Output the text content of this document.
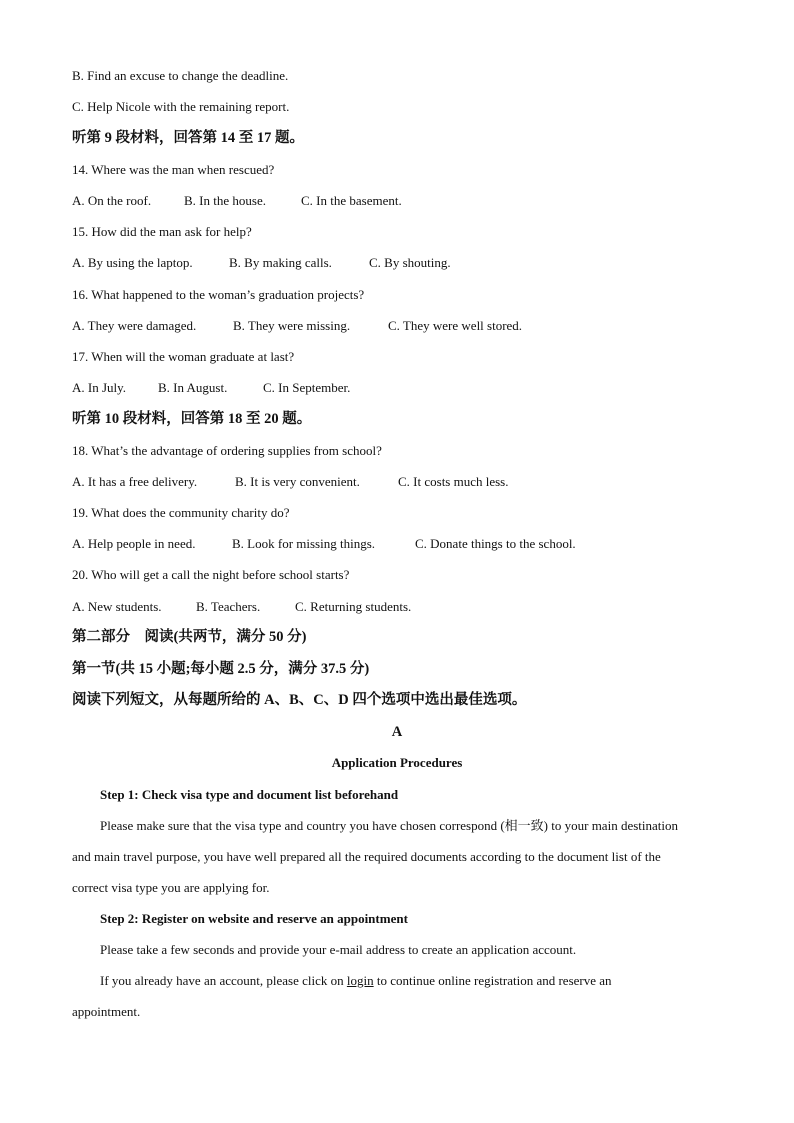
B. Find an excuse to change the deadline.
C. Help Nicole with the remaining report.
听第 9 段材料，回答第 14 至 17 题。
14. Where was the man when rescued?
A. On the roof.	B. In the house.	C. In the basement.
15. How did the man ask for help?
A. By using the laptop.	B. By making calls.	C. By shouting.
16. What happened to the woman’s graduation projects?
A. They were damaged.	B. They were missing.	C. They were well stored.
17. When will the woman graduate at last?
A. In July. B. In August.	C. In September.
听第 10 段材料，回答第 18 至 20 题。
18. What’s the advantage of ordering supplies from school?
A. It has a free delivery.	B. It is very convenient.	C. It costs much less.
19. What does the community charity do?
A. Help people in need.	B. Look for missing things.	C. Donate things to the school.
20. Who will get a call the night before school starts?
A. New students.	B. Teachers.	C. Returning students.
第二部分　阅读(共两节，满分 50 分)
第一节(共 15 小题;每小题 2.5 分，满分 37.5 分)
阅读下列短文，从每题所给的 A、B、C、D 四个选项中选出最佳选项。
A
Application Procedures
Step 1: Check visa type and document list beforehand
Please make sure that the visa type and country you have chosen correspond (相一致) to your main destination
and main travel purpose, you have well prepared all the required documents according to the document list of the
correct visa type you are applying for.
Step 2: Register on website and reserve an appointment
Please take a few seconds and provide your e-mail address to create an application account.
If you already have an account, please click on login to continue online registration and reserve an
appointment.
